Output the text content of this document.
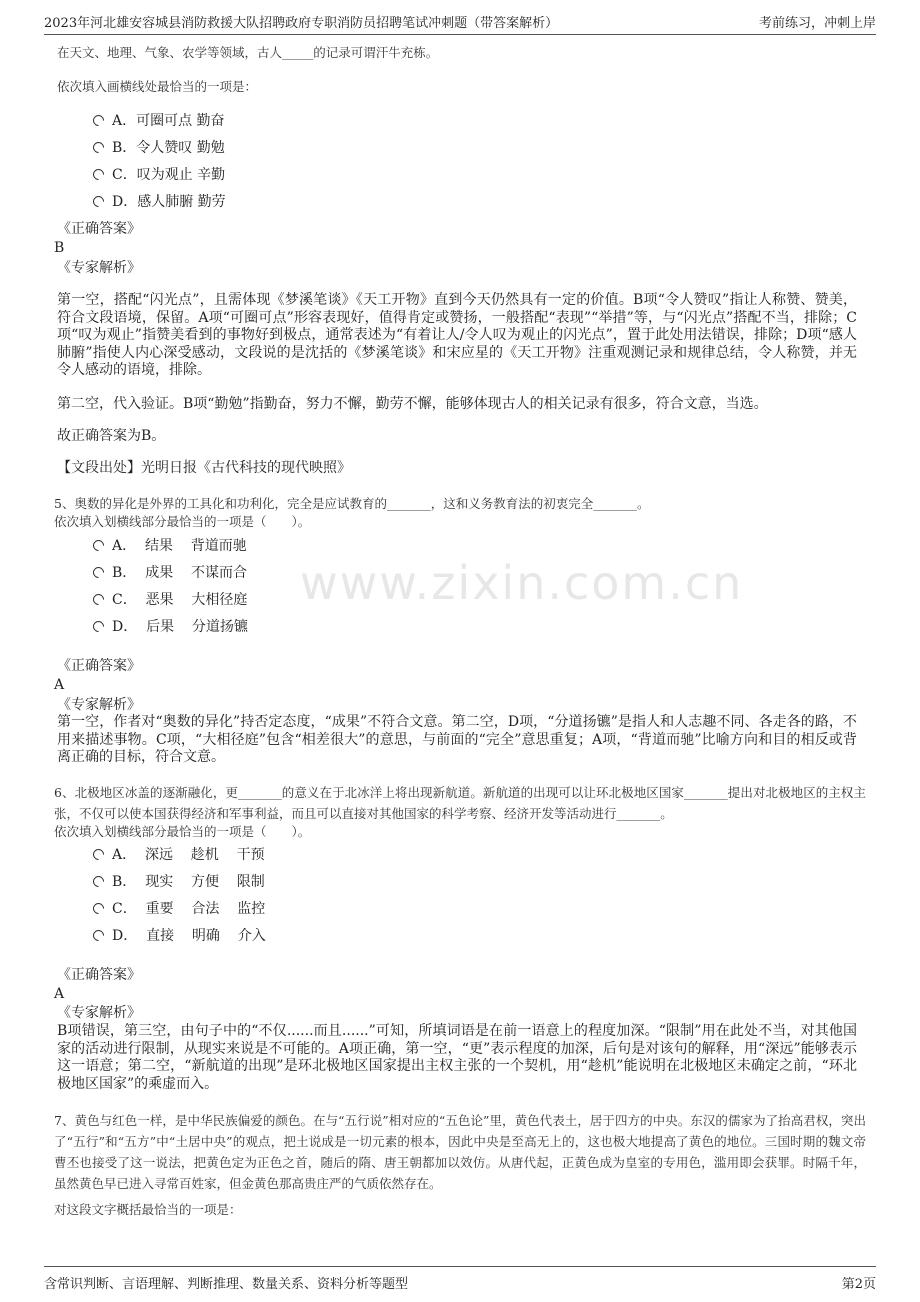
2023年河北雄安容城县消防救援大队招聘政府专职消防员招聘笔试冲刺题（带答案解析）	考前练习，冲刺上岸
www.zixin.com.cn
在天文、地理、气象、农学等领域，古人_____的记录可谓汗牛充栋。
依次填入画横线处最恰当的一项是：
A．可圈可点 勤奋
B．令人赞叹 勤勉
C．叹为观止 辛勤
D．感人肺腑 勤劳
《正确答案》
B
《专家解析》
第一空，搭配“闪光点”，且需体现《梦溪笔谈》《天工开物》直到今天仍然具有一定的价值。B项“令人赞叹”指让人称赞、赞美，符合文段语境，保留。A项“可圈可点”形容表现好，值得肯定或赞扬，一般搭配“表现”“举措”等，与“闪光点”搭配不当，排除；C项“叹为观止”指赞美看到的事物好到极点，通常表述为“有着让人/令人叹为观止的闪光点”，置于此处用法错误，排除；D项“感人肺腑”指使人内心深受感动，文段说的是沈括的《梦溪笔谈》和宋应星的《天工开物》注重观测记录和规律总结，令人称赞，并无令人感动的语境，排除。
第二空，代入验证。B项“勤勉”指勤奋，努力不懈，勤劳不懈，能够体现古人的相关记录有很多，符合文意，当选。
故正确答案为B。
【文段出处】光明日报《古代科技的现代映照》
5、奥数的异化是外界的工具化和功利化，完全是应试教育的_______，这和义务教育法的初衷完全_______。
依次填入划横线部分最恰当的一项是（　　）。
A．  结果    背道而驰
B．  成果    不谋而合
C．  恶果    大相径庭
D．  后果    分道扬镳
《正确答案》
A
《专家解析》
第一空，作者对“奥数的异化”持否定态度，“成果”不符合文意。第二空，D项，“分道扬镳”是指人和人志趣不同、各走各的路，不用来描述事物。C项，“大相径庭”包含“相差很大”的意思，与前面的“完全”意思重复；A项，“背道而驰”比喻方向和目的相反或背离正确的目标，符合文意。
6、北极地区冰盖的逐渐融化，更_______的意义在于北冰洋上将出现新航道。新航道的出现可以让环北极地区国家_______提出对北极地区的主权主张，不仅可以使本国获得经济和军事利益，而且可以直接对其他国家的科学考察、经济开发等活动进行_______。
依次填入划横线部分最恰当的一项是（　　）。
A．  深远    趁机    干预
B．  现实    方便    限制
C．  重要    合法    监控
D．  直接    明确    介入
《正确答案》
A
《专家解析》
B项错误，第三空，由句子中的“不仅......而且......”可知，所填词语是在前一语意上的程度加深。“限制”用在此处不当，对其他国家的活动进行限制，从现实来说是不可能的。A项正确，第一空，“更”表示程度的加深，后句是对该句的解释，用“深远”能够表示这一语意；第二空，“新航道的出现”是环北极地区国家提出主权主张的一个契机，用“趁机”能说明在北极地区未确定之前，“环北极地区国家”的乘虚而入。
7、黄色与红色一样，是中华民族偏爱的颜色。在与“五行说”相对应的“五色论”里，黄色代表土，居于四方的中央。东汉的儒家为了抬高君权，突出了“五行”和“五方”中“土居中央”的观点，把土说成是一切元素的根本，因此中央是至高无上的，这也极大地提高了黄色的地位。三国时期的魏文帝曹丕也接受了这一说法，把黄色定为正色之首，随后的隋、唐王朝都加以效仿。从唐代起，正黄色成为皇室的专用色，滥用即会获罪。时隔千年，虽然黄色早已进入寻常百姓家，但金黄色那高贵庄严的气质依然存在。
对这段文字概括最恰当的一项是：
含常识判断、言语理解、判断推理、数量关系、资料分析等题型	第2页
